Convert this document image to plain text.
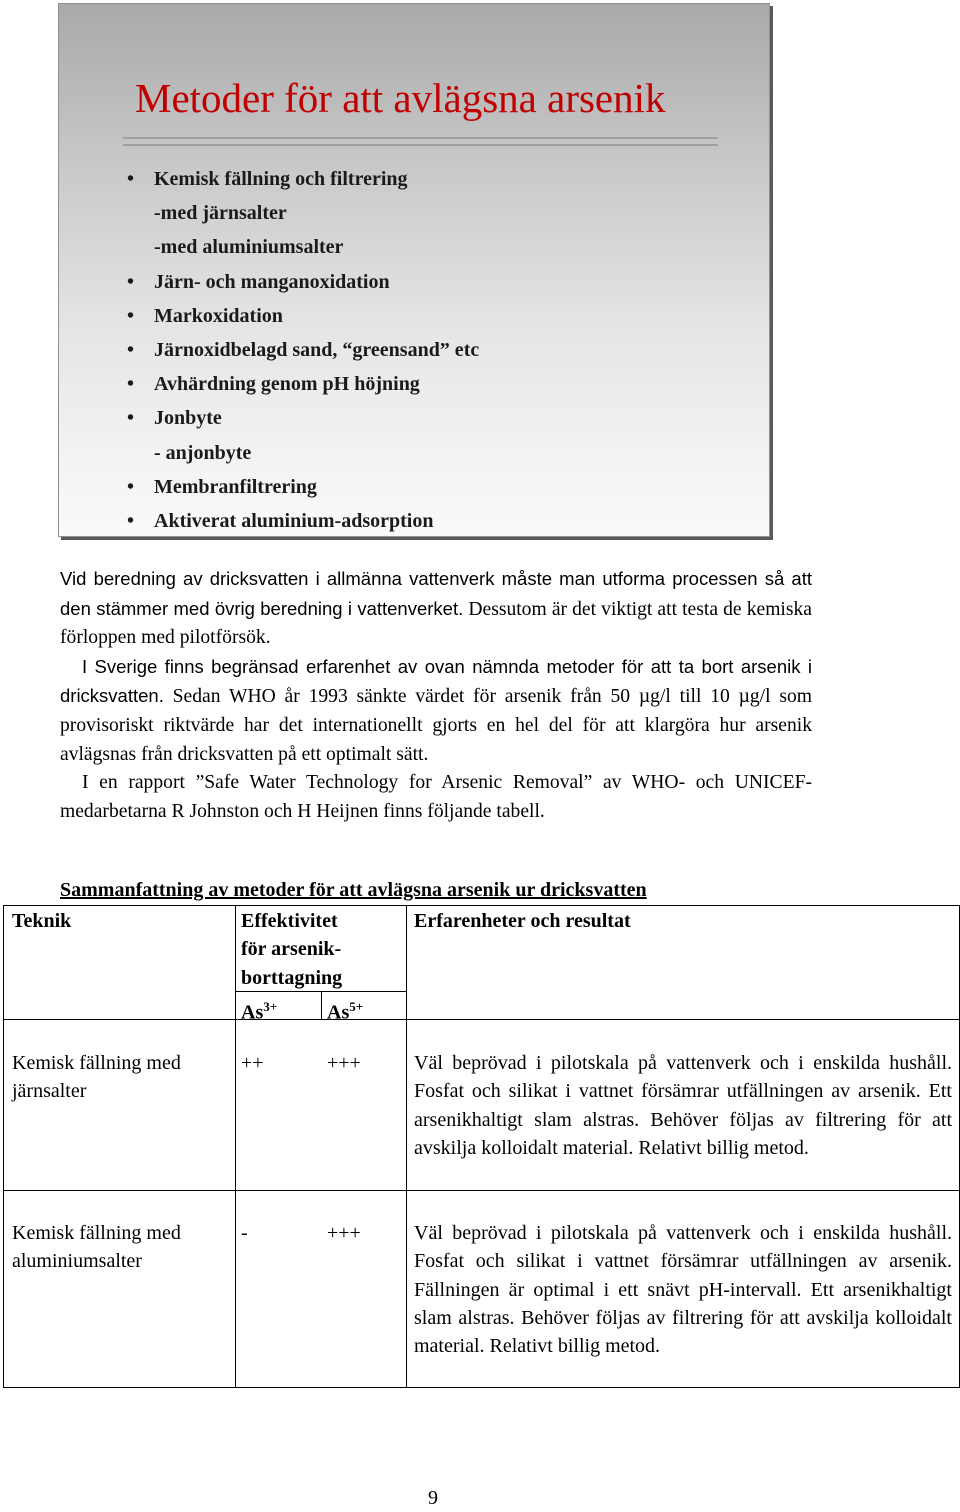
Metoder för att avlägsna arsenik
• Kemisk fällning och filtrering
-med järnsalter
-med aluminiumsalter
• Järn- och manganoxidation
• Markoxidation
• Järnoxidbelagd sand, “greensand” etc
• Avhärdning genom pH höjning
• Jonbyte
- anjonbyte
• Membranfiltrering
• Aktiverat aluminium-adsorption

Vid beredning av dricksvatten i allmänna vattenverk måste man utforma processen så att den stämmer med övrig beredning i vattenverket. Dessutom är det viktigt att testa de kemiska förloppen med pilotförsök.

I Sverige finns begränsad erfarenhet av ovan nämnda metoder för att ta bort arsenik i dricksvatten. Sedan WHO år 1993 sänkte värdet för arsenik från 50 µg/l till 10 µg/l som provisoriskt riktvärde har det internationellt gjorts en hel del för att klargöra hur arsenik avlägsnas från dricksvatten på ett optimalt sätt.

I en rapport ”Safe Water Technology for Arsenic Removal” av WHO- och UNICEF-medarbetarna R Johnston och H Heijnen finns följande tabell.

Sammanfattning av metoder för att avlägsna arsenik ur dricksvatten
Teknik	Effektivitet
för arsenik-
borttagning
$As^{3+}$ $As^{5+}$
Erfarenheter och resultat
Kemisk fällning med järnsalter
++	+++	Väl beprövad i pilotskala på vattenverk och i enskilda hushåll. Fosfat och silikat i vattnet försämrar utfällningen av arsenik. Ett arsenikhaltigt slam alstras. Behöver följas av filtrering för att avskilja kolloidalt material. Relativt billig metod.
Kemisk fällning med aluminiumsalter
-	+++	Väl beprövad i pilotskala på vattenverk och i enskilda hushåll. Fosfat och silikat i vattnet försämrar utfällningen av arsenik. Fällningen är optimal i ett snävt pH-intervall. Ett arsenikhaltigt slam alstras. Behöver följas av filtrering för att avskilja kolloidalt material. Relativt billig metod.
9
